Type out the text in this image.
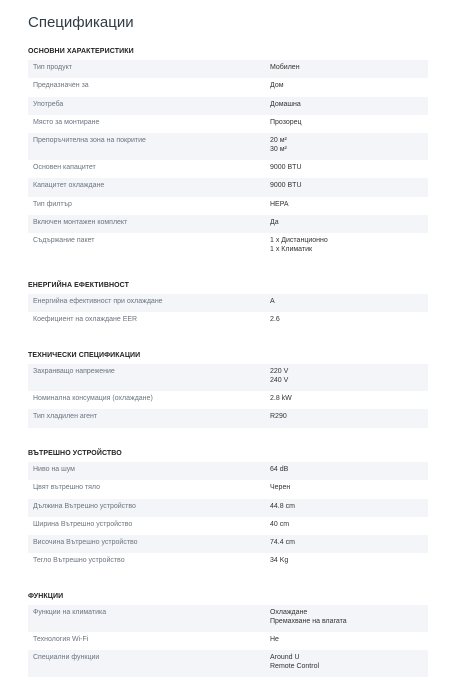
Спецификации
ОСНОВНИ ХАРАКТЕРИСТИКИ
Тип продукт	Мобилен
Предназначен за	Дом
Употреба	Домашна
Място за монтиране	Прозорец
Препоръчителна зона на покритие	20 м²
30 м²
Основен капацитет	9000 BTU
Капацитет охлаждане	9000 BTU
Тип филтър	HEPA
Включен монтажен комплект	Да
Съдържание пакет	1 x Дистанционно
1 x Климатик
ЕНЕРГИЙНА ЕФЕКТИВНОСТ
Енергийна ефективност при охлаждане	A
Коефициент на охлаждане EER	2.6
ТЕХНИЧЕСКИ СПЕЦИФИКАЦИИ
Захранващо напрежение	220 V
240 V
Номинална консумация (охлаждане)	2.8 kW
Тип хладилен агент	R290
ВЪТРЕШНО УСТРОЙСТВО
Ниво на шум	64 dB
Цвят вътрешно тяло	Черен
Дължина Вътрешно устройство	44.8 cm
Ширина Вътрешно устройство	40 cm
Височина Вътрешно устройство	74.4 cm
Тегло Вътрешно устройство	34 Kg
ФУНКЦИИ
Функции на климатика	Охлаждане
Премахване на влагата
Технология Wi-Fi	Не
Специални функции	Around U
Remote Control
